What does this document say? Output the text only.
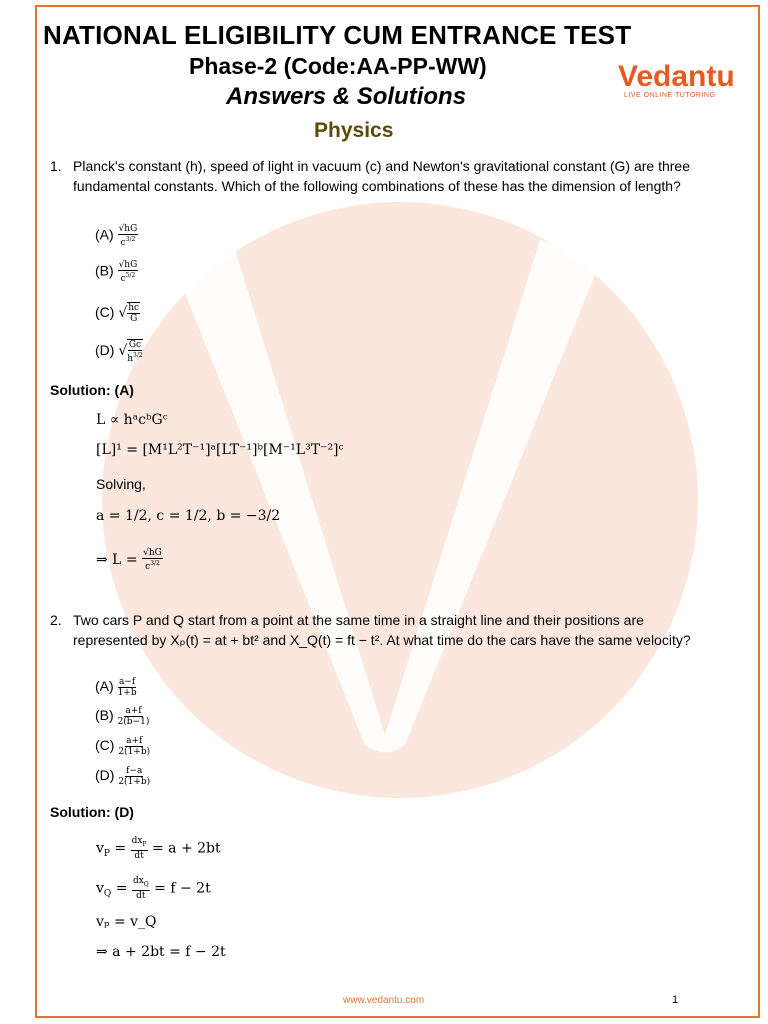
NATIONAL ELIGIBILITY CUM ENTRANCE TEST
Phase-2 (Code:AA-PP-WW)
Answers & Solutions
Physics
Vedantu
LIVE ONLINE TUTORING
1. Planck's constant (h), speed of light in vacuum (c) and Newton's gravitational constant (G) are three
fundamental constants. Which of the following combinations of these has the dimension of length?
$(A) \frac{√hG}{c^{3/2}}$
$(B) \frac{√hG}{c^{5/2}}$
(C) √ $\frac{hc}{G}$
(D) √ $\frac{Gc}{h^{3/2}}$
Solution: (A)
L ∝ hᵃcᵇGᶜ
[L]¹ = [M¹L²T⁻¹]ᵃ[LT⁻¹]ᵇ[M⁻¹L³T⁻²]ᶜ
Solving,
a = 1/2, c = 1/2, b = −3/2
⇒ $L = \frac{√hG}{c^{3/2}}$
2. Two cars P and Q start from a point at the same time in a straight line and their positions are
represented by Xₚ(t) = at + bt² and X_Q(t) = ft − t². At what time do the cars have the same velocity?
$(A) \frac{a-f}{1+b}$
$(B) \frac{a+f}{2(b-1)}$
$(C) \frac{a+f}{2(1+b)}$
$(D) \frac{f-a}{2(1+b)}$
Solution: (D)
$v_P = \frac{dx_P}{dt} = a + 2bt$
$v_Q = \frac{dx_Q}{dt} = f - 2t$
vₚ = v_Q
⇒ a + 2bt = f − 2t
www.vedantu.com	1
